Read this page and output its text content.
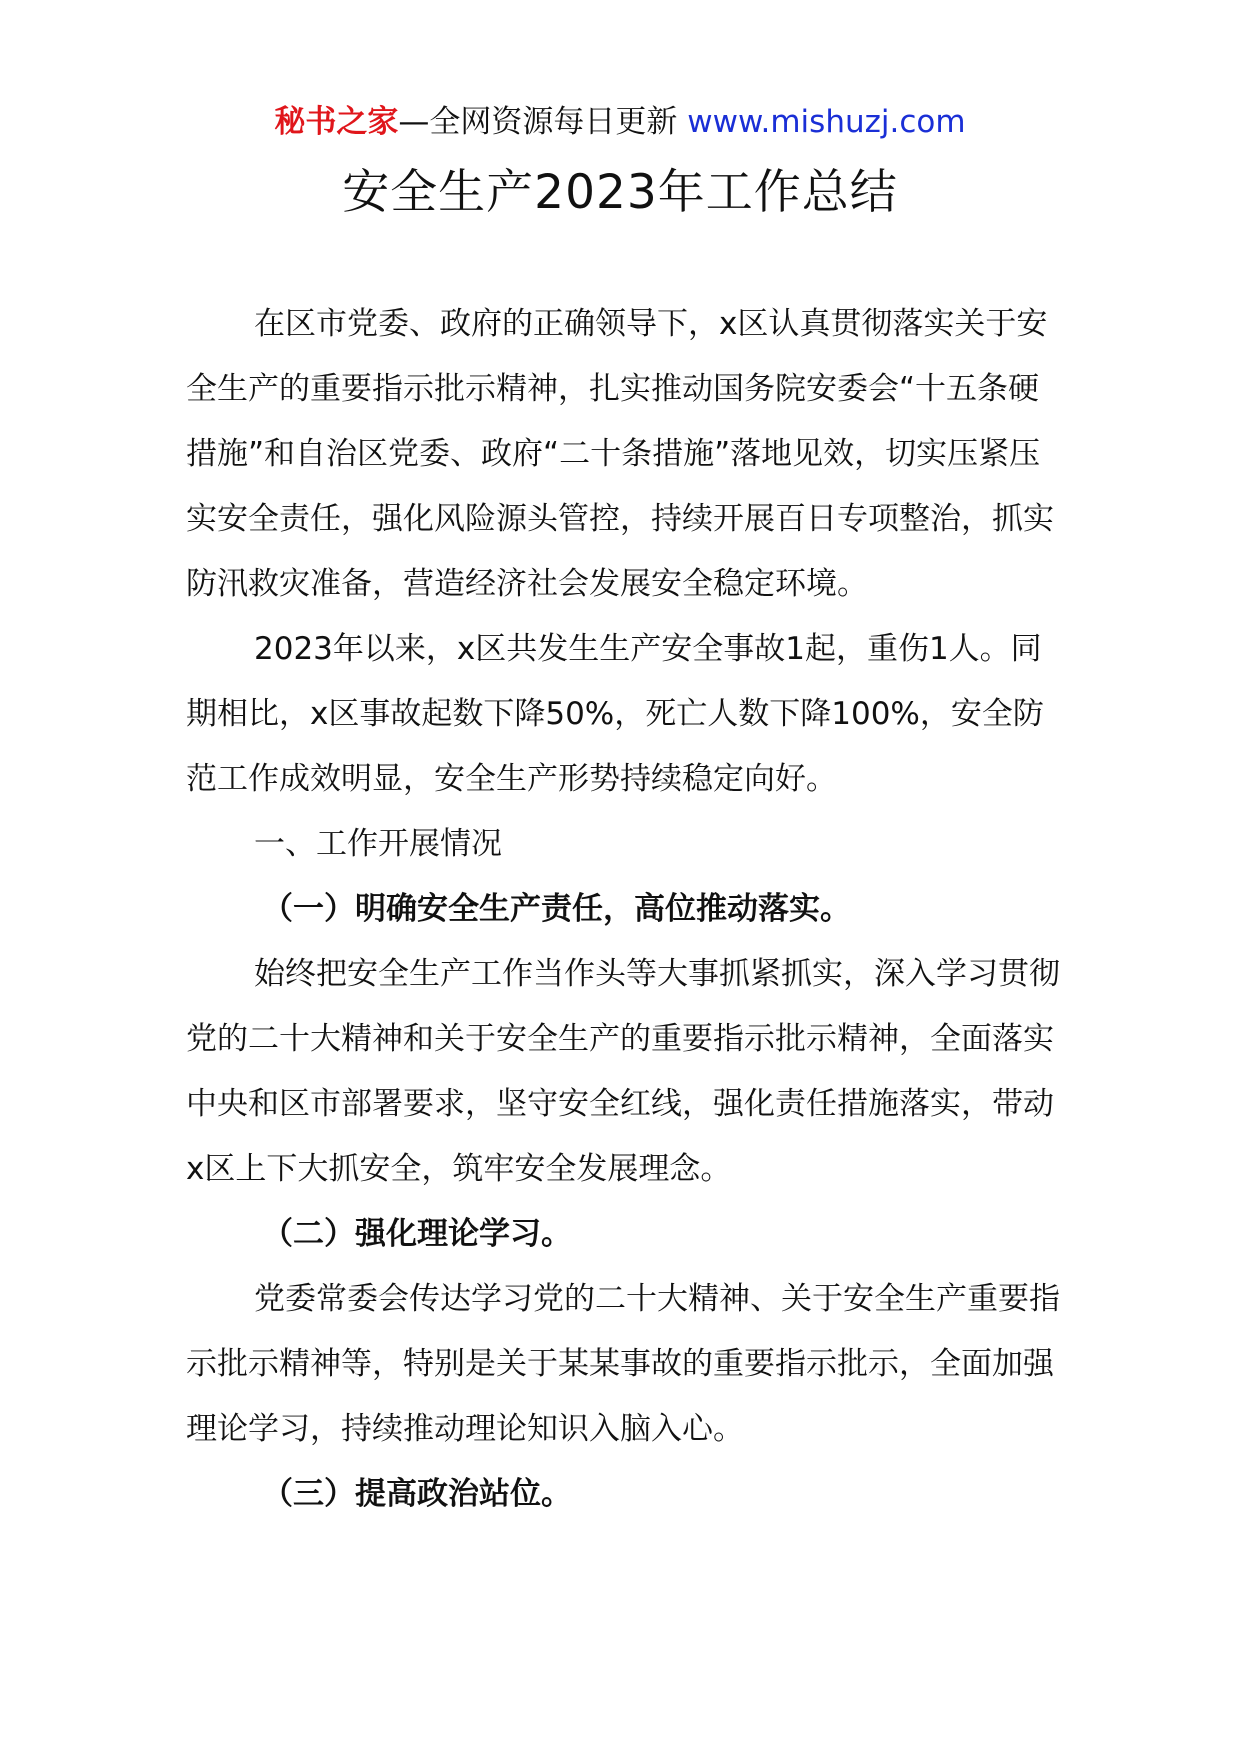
秘书之家—全网资源每日更新 www.mishuzj.com
安全生产2023年工作总结

在区市党委、政府的正确领导下，x区认真贯彻落实关于安全生产的重要指示批示精神，扎实推动国务院安委会“十五条硬措施”和自治区党委、政府“二十条措施”落地见效，切实压紧压实安全责任，强化风险源头管控，持续开展百日专项整治，抓实防汛救灾准备，营造经济社会发展安全稳定环境。

2023年以来，x区共发生生产安全事故1起，重伤1人。同期相比，x区事故起数下降50%，死亡人数下降100%，安全防范工作成效明显，安全生产形势持续稳定向好。

一、工作开展情况

（一）明确安全生产责任，高位推动落实。

始终把安全生产工作当作头等大事抓紧抓实，深入学习贯彻党的二十大精神和关于安全生产的重要指示批示精神，全面落实中央和区市部署要求，坚守安全红线，强化责任措施落实，带动x区上下大抓安全，筑牢安全发展理念。

（二）强化理论学习。

党委常委会传达学习党的二十大精神、关于安全生产重要指示批示精神等，特别是关于某某事故的重要指示批示，全面加强理论学习，持续推动理论知识入脑入心。

（三）提高政治站位。
